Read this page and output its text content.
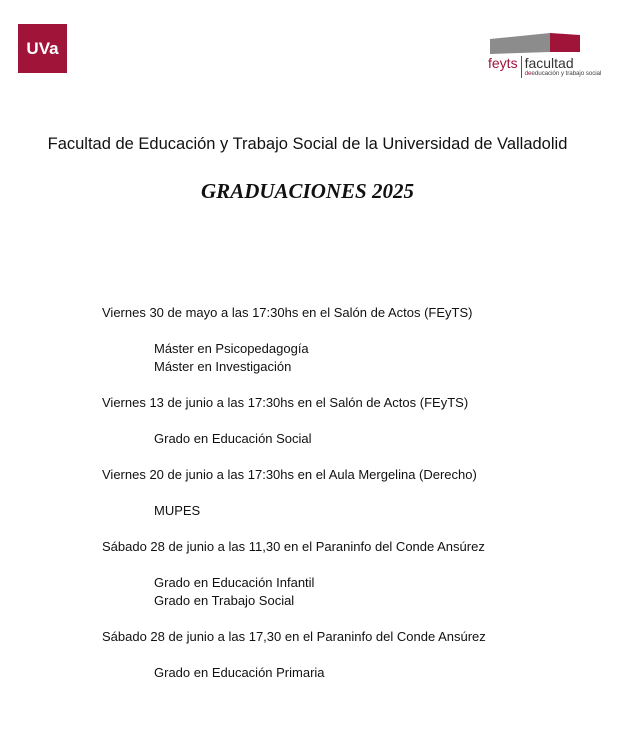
UVa
feyts facultad
deeducación y trabajo social
Facultad de Educación y Trabajo Social de la Universidad de Valladolid
GRADUACIONES 2025
Viernes 30 de mayo a las 17:30hs en el Salón de Actos (FEyTS)
Máster en Psicopedagogía
Máster en Investigación
Viernes 13 de junio a las 17:30hs en el Salón de Actos (FEyTS)
Grado en Educación Social
Viernes 20 de junio a las 17:30hs en el Aula Mergelina (Derecho)
MUPES
Sábado 28 de junio a las 11,30 en el Paraninfo del Conde Ansúrez
Grado en Educación Infantil
Grado en Trabajo Social
Sábado 28 de junio a las 17,30 en el Paraninfo del Conde Ansúrez
Grado en Educación Primaria
